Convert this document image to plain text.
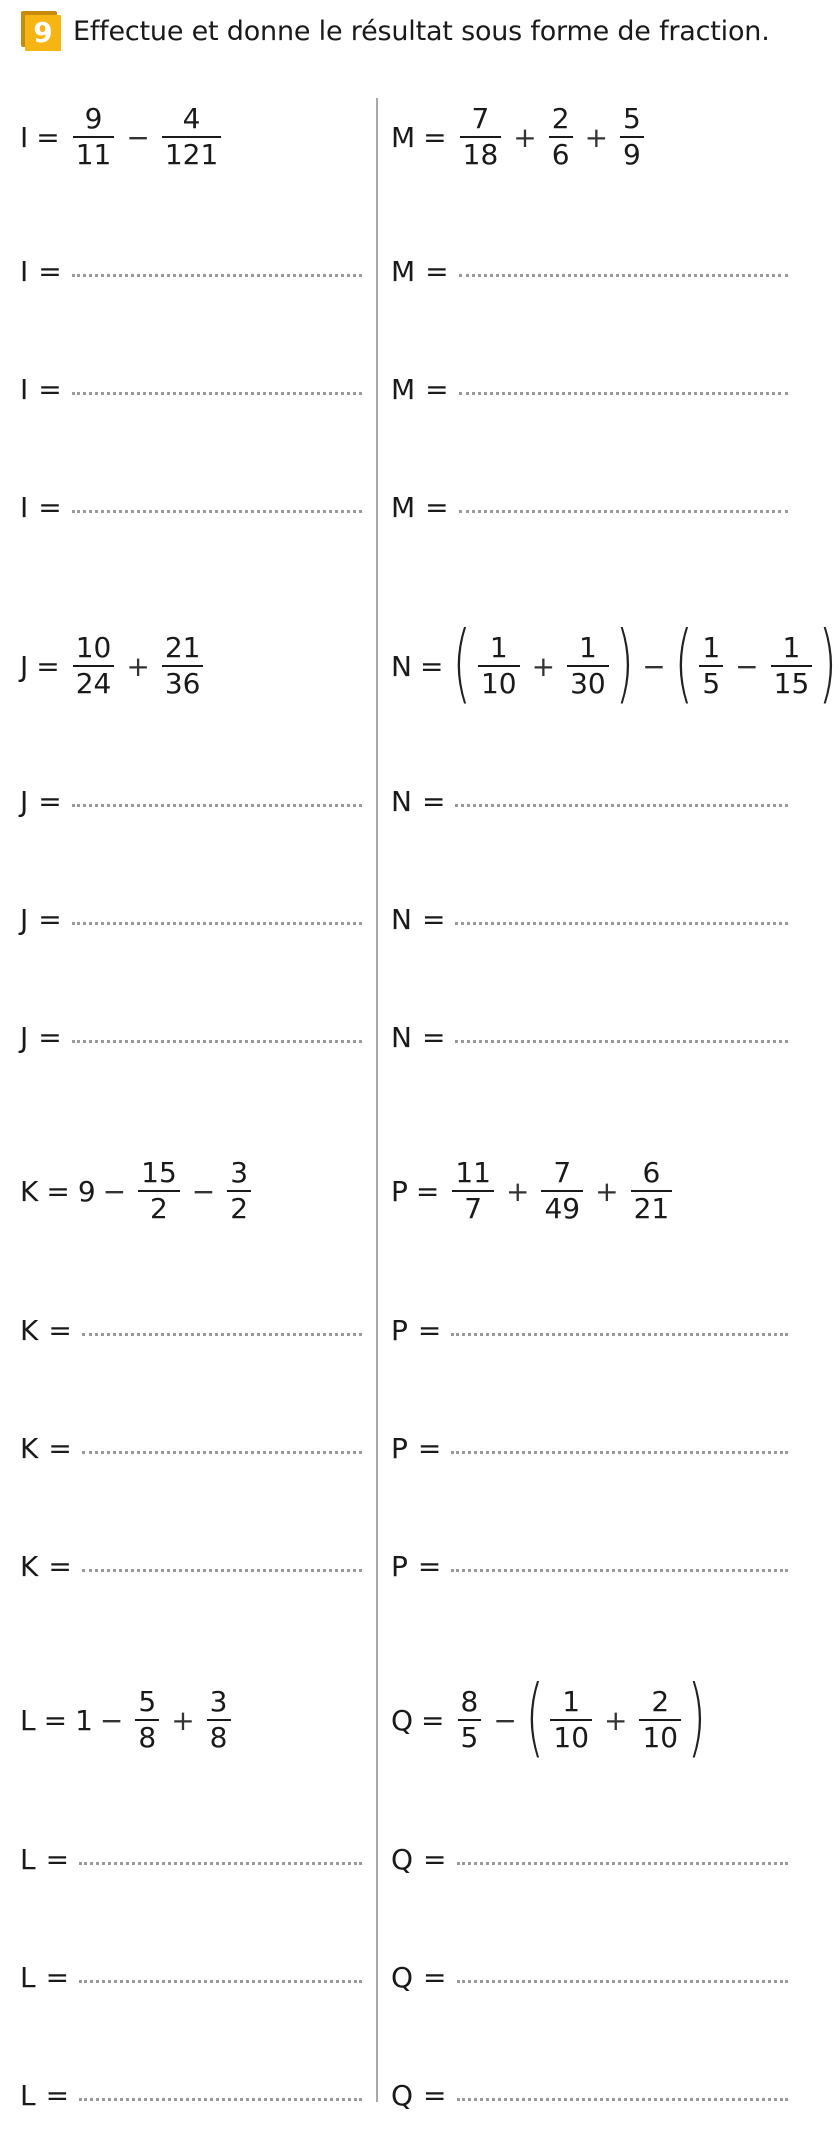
9 Effectue et donne le résultat sous forme de fraction.
$I = \frac{9}{11} - \frac{4}{121}$	$M = \frac{7}{18} + \frac{2}{6} + \frac{5}{9}$
$J = \frac{10}{24} + \frac{21}{36}$	N = ( $\frac{1}{10} + \frac{1}{30}$ ) − ( $\frac{1}{5} - \frac{1}{15}$ )
$K = 9 - \frac{15}{2} - \frac{3}{2}$	$P = \frac{11}{7} + \frac{7}{49} + \frac{6}{21}$
$L = 1 - \frac{5}{8} + \frac{3}{8}$	$Q = \frac{8}{5}$ − ( $\frac{1}{10} + \frac{2}{10}$ )
I =	M =
I =	M =
I =	M =
J =	N =
J =	N =
J =	N =
K =	P =
K =	P =
K =	P =
L =	Q =
L =	Q =
L =	Q =
